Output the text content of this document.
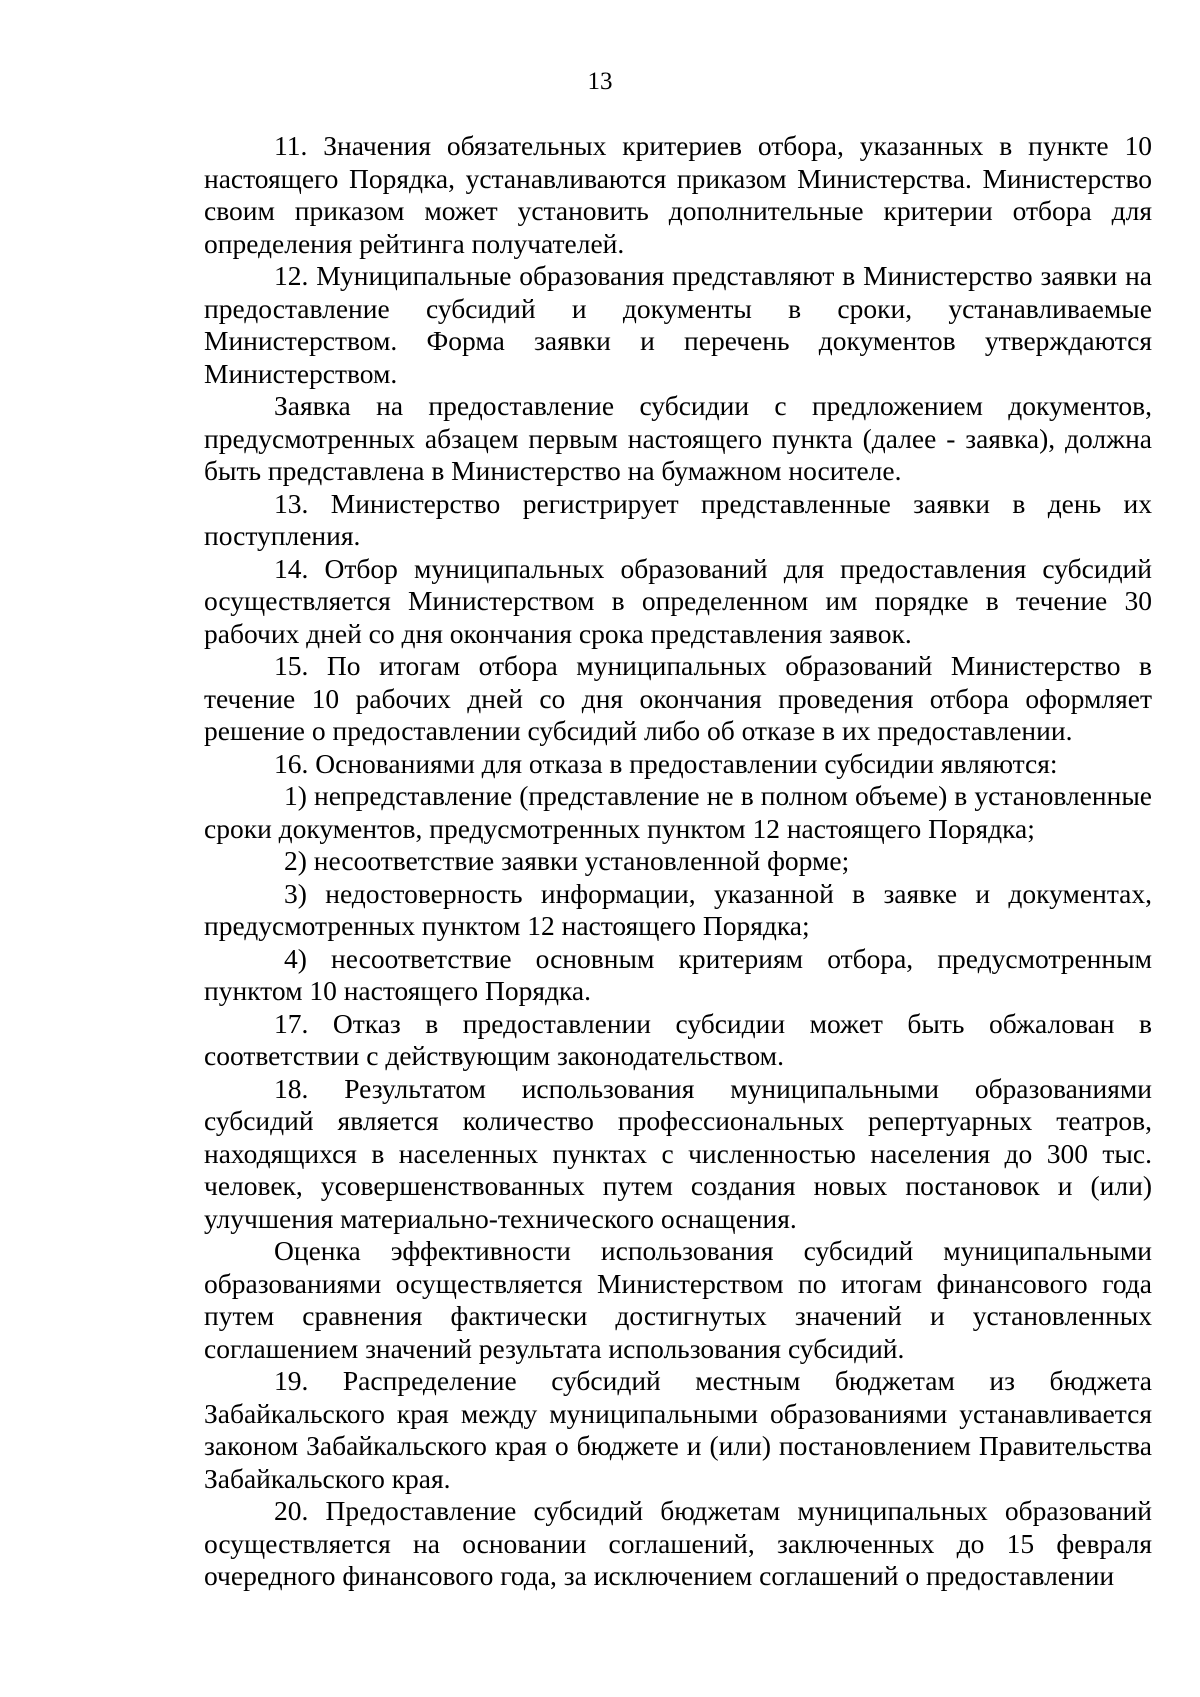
13

11. Значения обязательных критериев отбора, указанных в пункте 10 настоящего Порядка, устанавливаются приказом Министерства. Министерство своим приказом может установить дополнительные критерии отбора для определения рейтинга получателей.

12. Муниципальные образования представляют в Министерство заявки на предоставление субсидий и документы в сроки, устанавливаемые Министерством. Форма заявки и перечень документов утверждаются Министерством.

Заявка на предоставление субсидии с предложением документов, предусмотренных абзацем первым настоящего пункта (далее - заявка), должна быть представлена в Министерство на бумажном носителе.

13. Министерство регистрирует представленные заявки в день их поступления.

14. Отбор муниципальных образований для предоставления субсидий осуществляется Министерством в определенном им порядке в течение 30 рабочих дней со дня окончания срока представления заявок.

15. По итогам отбора муниципальных образований Министерство в течение 10 рабочих дней со дня окончания проведения отбора оформляет решение о предоставлении субсидий либо об отказе в их предоставлении.

16. Основаниями для отказа в предоставлении субсидии являются:

1) непредставление (представление не в полном объеме) в установленные сроки документов, предусмотренных пунктом 12 настоящего Порядка;

2) несоответствие заявки установленной форме;

3) недостоверность информации, указанной в заявке и документах, предусмотренных пунктом 12 настоящего Порядка;

4) несоответствие основным критериям отбора, предусмотренным пунктом 10 настоящего Порядка.

17. Отказ в предоставлении субсидии может быть обжалован в соответствии с действующим законодательством.

18. Результатом использования муниципальными образованиями субсидий является количество профессиональных репертуарных театров, находящихся в населенных пунктах с численностью населения до 300 тыс. человек, усовершенствованных путем создания новых постановок и (или) улучшения материально-технического оснащения.

Оценка эффективности использования субсидий муниципальными образованиями осуществляется Министерством по итогам финансового года путем сравнения фактически достигнутых значений и установленных соглашением значений результата использования субсидий.

19. Распределение субсидий местным бюджетам из бюджета Забайкальского края между муниципальными образованиями устанавливается законом Забайкальского края о бюджете и (или) постановлением Правительства Забайкальского края.

20. Предоставление субсидий бюджетам муниципальных образований осуществляется на основании соглашений, заключенных до 15 февраля очередного финансового года, за исключением соглашений о предоставлении
